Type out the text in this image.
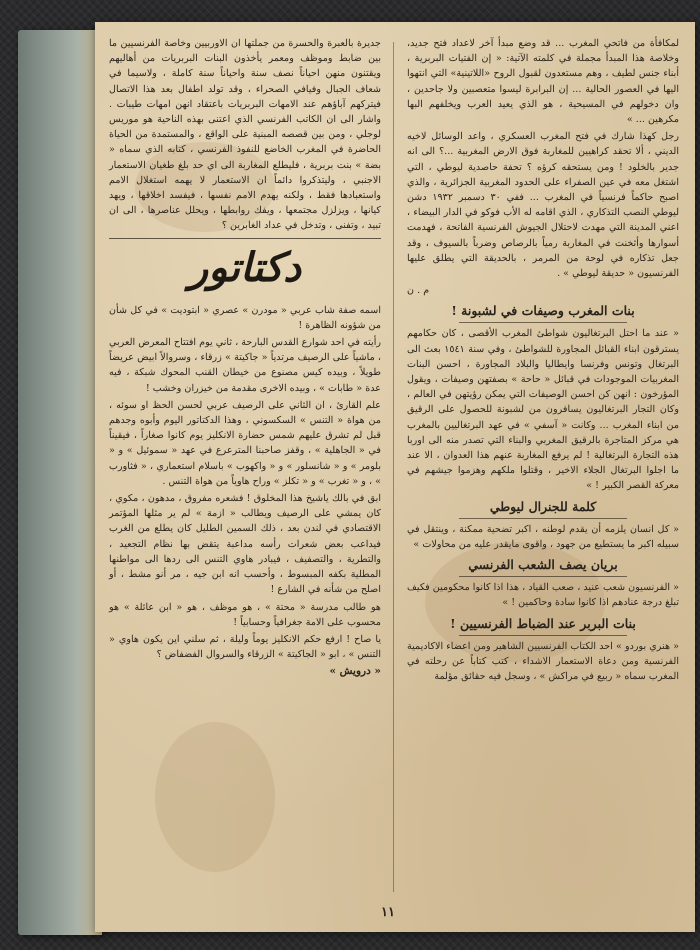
لمكافأة من فاتحي المغرب ... قد وضع مبدأ آخر لاعداد فتح جديد، وخلاصة هذا المبدأ مجملة في كلمته الآتية: « إن الفتيات البربرية ، أبناء جنس لطيف ، وهم مستعدون لقبول الروح «اللاتينية» التي انتهوا اليها في العصور الحالية ... إن البرابرة ليسوا متعصبين ولا جاحدين ، وان دخولهم في المسيحية ، هو الذي يعيد العرب ويخلفهم البها مكرهين ... »

رجل كهذا شارك في فتح المغرب العسكري ، واعد الوسائل لاخيه الديني ، ألا تحقد كراهيين للمغاربة فوق الارض المغربية ...؟ الى انه جدير بالخلود ! ومن يستحقه كرؤه ؟ تحفة حاصدية ليوطي ، التي اشتغل معه في عين الصفراء على الحدود المغربية الجزائرية ، والذي اصبح حاكماً فرنسياً في المغرب ... ففي ٣٠ دسمبر ١٩٣٢ دشن ليوطي النصب التذكاري ، الذي اقامه له الأب فوكو في الدار البيضاء ، اعني المدينة التي مهدت لاحتلال الجيوش الفرنسية الفاتحة ، فهدمت أسوارها وأثخنت في المغاربة رمياً بالرصاص وضرباً بالسيوف ، وقد جعل تذكاره في لوحة من المرمر ، بالحديقة التي يطلق عليها الفرنسيون « حديقة ليوطي » .

م . ن

بنات المغرب وصيفات في لشبونة !

« عند ما احتل البرتغاليون شواطئ المغرب الأقصى ، كان حكامهم يسترقون ابناء القبائل المجاورة للشواطئ ، وفي سنة ١٥٤١ بعث الى البرتغال وتونس وفرنسا وايطاليا والبلاد المجاورة ، احسن البنات المغربيات الموجودات في قبائل « حاحة » بصفتهن وصيفات ، ويقول المؤرخون : انهن كن احسن الوصيفات التي يمكن رؤيتهن في العالم ، وكان التجار البرتغاليون يسافرون من لشبونة للحصول على الرقيق من ابناء المغرب ... وكانت « آسفي » في عهد البرتغاليين بالمغرب هي مركز المتاجرة بالرقيق المغربي والبناء التي تصدر منه الى اوربا هذه التجارة البرتغالية ! لم يرفع المغاربة عنهم هذا العدوان ، الا عند ما اجلوا البرتغال الجلاء الاخير ، وقتلوا ملكهم وهزموا جيشهم في معركة القصر الكبير ! »

كلمة للجنرال ليوطي

« كل انسان يلزمه أن يقدم لوطنه ، اكبر تضحية ممكنة ، وينتقل في سبيله اكبر ما يستطيع من جهود ، واقوى مايقدر عليه من محاولات »

بريان يصف الشعب الفرنسي

« الفرنسيون شعب عنيد ، صعب القياد ، هذا اذا كانوا محكومين فكيف تبلغ درجة عنادهم اذا كانوا سادة وحاكمين ! »

بنات البربر عند الضباط الفرنسيين !

« هنري بوردو » احد الكتاب الفرنسيين الشاهير ومن اعضاء الاكاديمية الفرنسية ومن دعاة الاستعمار الاشداء ، كتب كتاباً عن رحلته في المغرب سماه « ربيع في مراكش » ، وسجل فيه حقائق مؤلمة

جديرة بالعبرة والحسرة من جملتها ان الاوربيين وخاصة الفرنسيين ما بين ضابط وموظف ومعمر يأخذون البنات البربريات من أهاليهم ويقتنون منهن احياناً نصف سنة واحياناً سنة كاملة ، ولاسيما في شعاف الجبال وفيافي الصحراء ، وقد تولد اطفال بعد هذا الاتصال فيتركهم آباؤهم عند الامهات البربريات باعتقاد انهن امهات طيبات . واشار الى ان الكاتب الفرنسي الذي اعتنى بهذه الناحية هو موريس لوجلي ، ومن بين قصصه المبنية على الواقع ، والمستمدة من الحياة الحاضرة في المغرب الخاضع للنفوذ الفرنسي ، كتابه الذي سماه « بضة » بنت بربرية ، فليطلع المغاربة الى اي حد بلغ طغيان الاستعمار الاجنبي ، وليتذكروا دائماً ان الاستعمار لا يهمه استغلال الامم واستعبادها فقط ، ولكنه يهدم الامم نفسها ، فيفسد اخلاقها ، ويهد كيانها ، ويزلزل مجتمعها ، ويفك روابطها ، ويحلل عناصرها ، الى ان تبيد ، وتفنى ، وتدخل في عداد الغابرين ؟

دكتاتور

اسمه صفة شاب عربي « مودرن » عصري « ابتوديت » في كل شأن من شؤونه الظاهرة !

رأيته في احد شوارع القدس البارحة ، ثاني يوم افتتاح المعرض العربي ، ماشياً على الرصيف مرتدياً « جاكيتة » زرقاء ، وسروالاً ابيض عريضاً طويلاً ، وبيده كيس مصنوع من خيطان القنب المحوك شبكة ، فيه عدة « طابات » ، وبيده الاخرى مقدمة من خيزران وخشب !

علم القارئ ، ان الثاني على الرصيف عربي لحسن الحظ او سوئه ، من هواة « التنس » السكسوني ، وهذا الدكتاتور اليوم وأبوه وجدهم قبل لم تشرق عليهم شمس حضارة الانكليز يوم كانوا صغاراً ، فيقيناً في « الجاهلية » ، وقفز صاحبنا المترعرع في عهد « سموئيل » و « بلومر » و « شانسلور » و « واكهوب » باسلام استعماري ، « فثاورب » ، و « تغرب » و « تكلز » وراح هاوياً من هواة التنس .

ابق في بالك ياشيخ هذا المخلوق ! فشعره مفروق ، مدهون ، مكوي ، كان يمشي على الرصيف ويطالب « ازمة » لم ير مثلها المؤتمر الاقتصادي في لندن بعد ، ذلك السمين الطليل كان يطلع من الغرب فيداعب بعض شعرات رأسه مداعبة يتقض بها نظام التجعيد ، والتطرية ، والتصفيف ، فيبادر هاوي التنس الى ردها الى مواطنها المطلية بكفه المبسوط ، وأحسب انه ابن جيه ، مر أنو مشط ، أو اصلح من شأنه في الشارع !

هو طالب مدرسة « محتة » ، هو موظف ، هو « ابن عائلة » هو محسوب على الامة جغرافياً وحسابياً !

يا صاح ! ارفع حكم الانكليز يوماً وليلة ، ثم سلني اين يكون هاوي « التنس » ، ابو « الجاكيتة » الزرقاء والسروال الفضفاض ؟

« درويش »

١١
